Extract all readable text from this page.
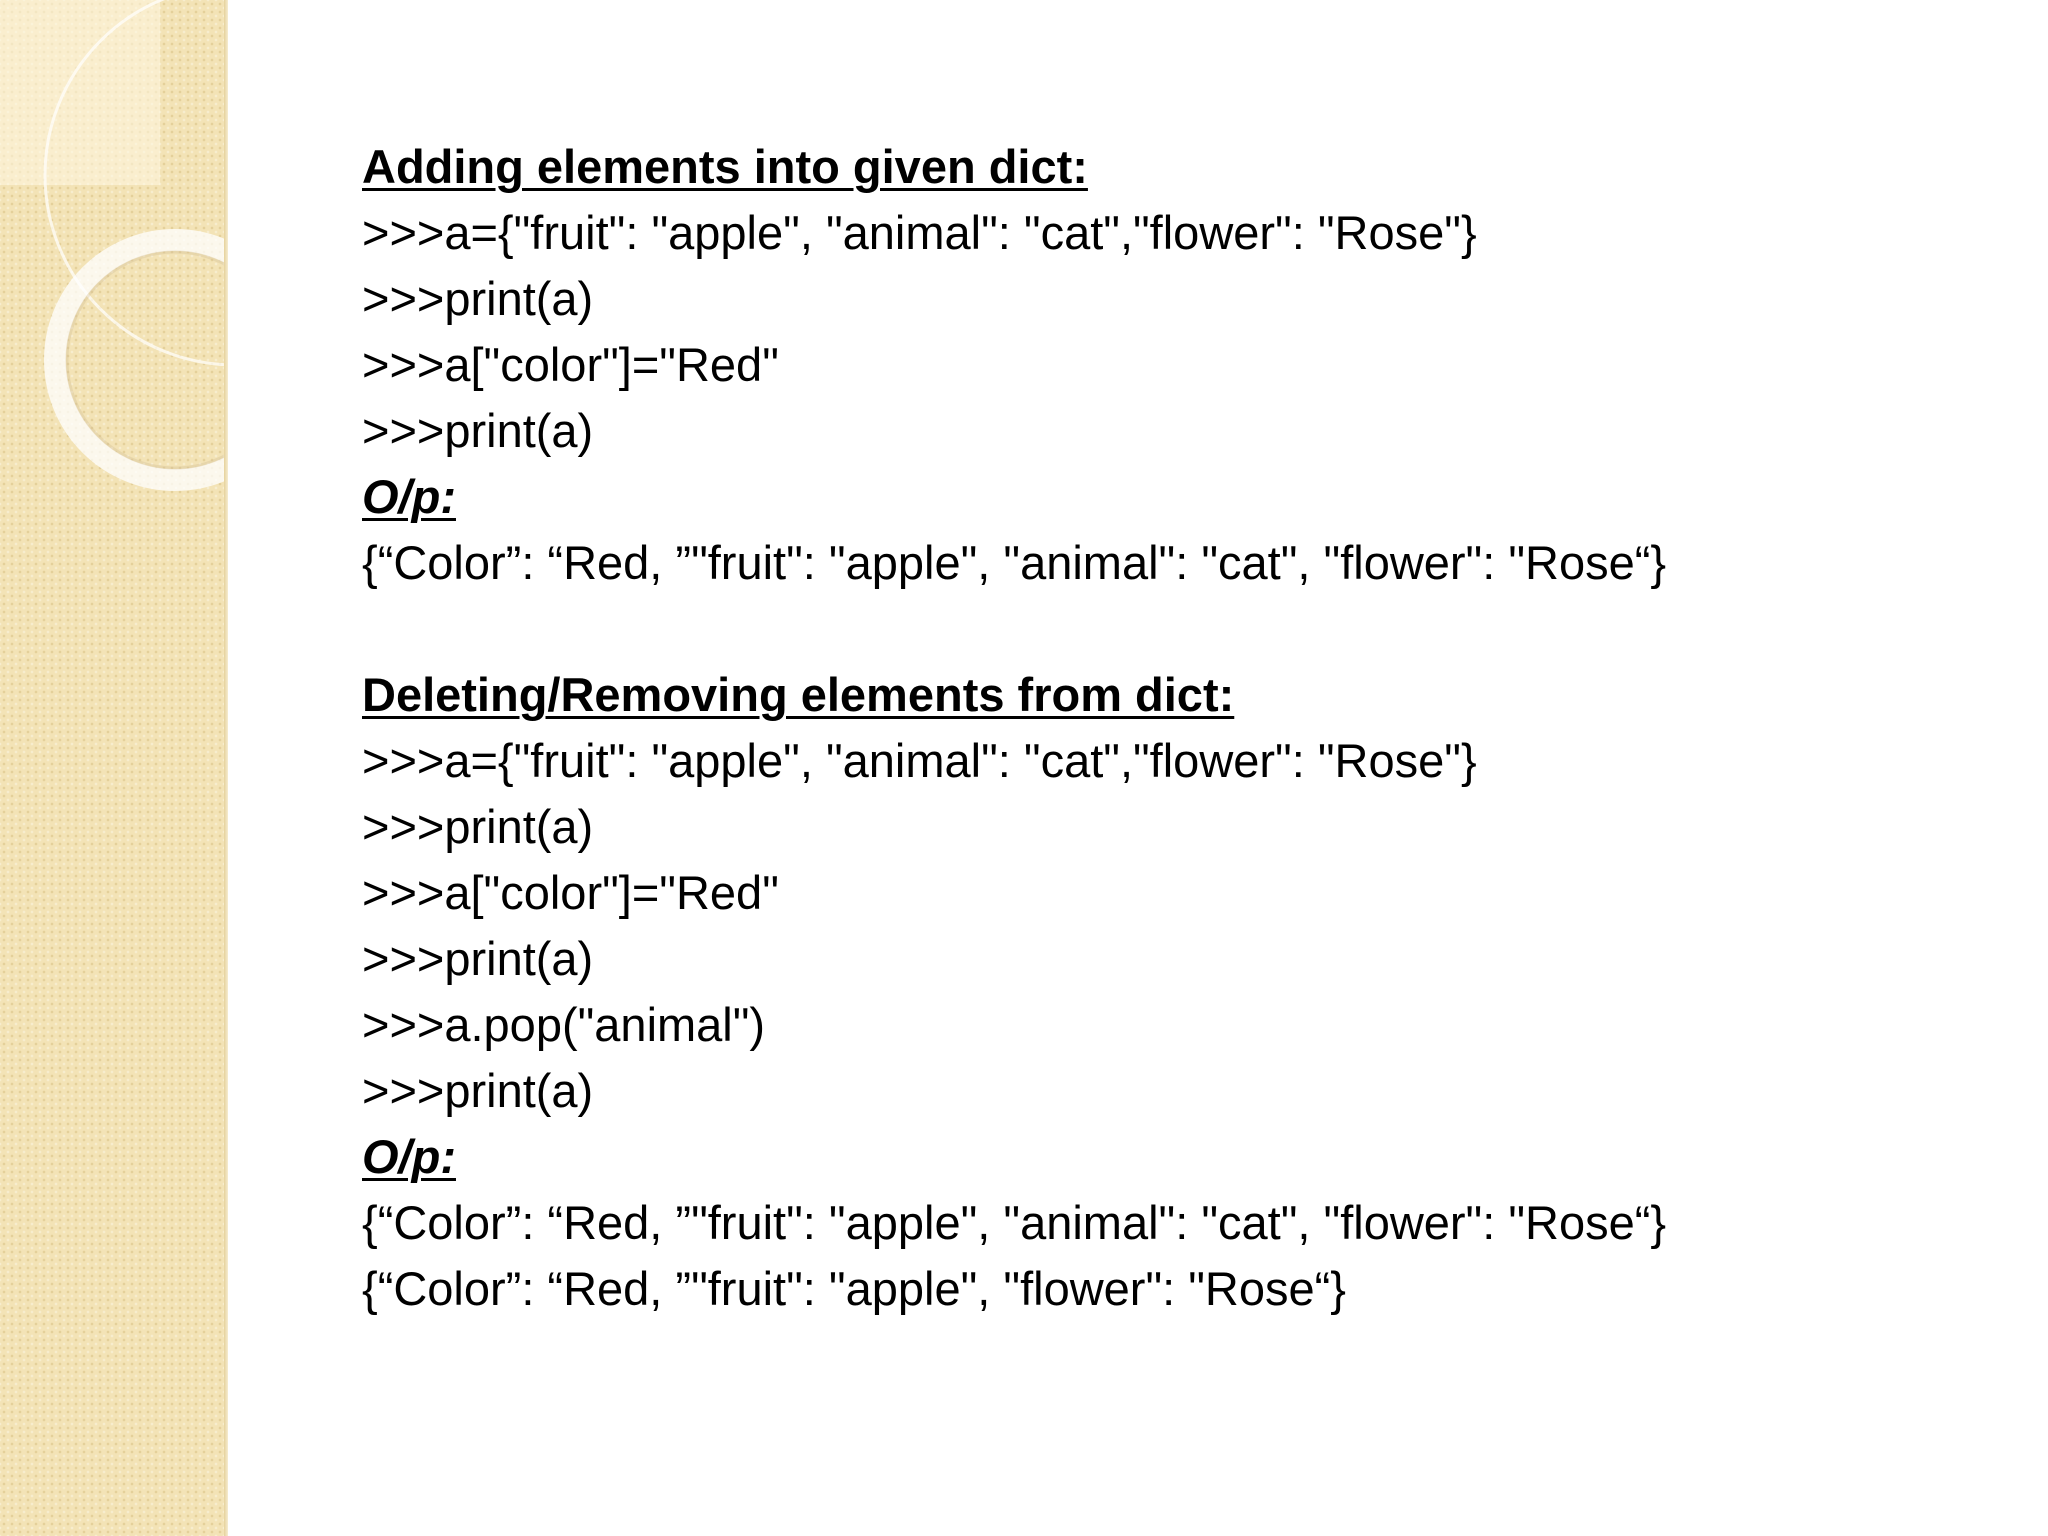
Adding elements into given dict:
>>>a={"fruit": "apple", "animal": "cat","flower": "Rose"}
>>>print(a)
>>>a["color"]="Red"
>>>print(a)
O/p:
{“Color”: “Red, ”"fruit": "apple", "animal": "cat", "flower": "Rose“}
Deleting/Removing elements from dict:
>>>a={"fruit": "apple", "animal": "cat","flower": "Rose"}
>>>print(a)
>>>a["color"]="Red"
>>>print(a)
>>>a.pop("animal")
>>>print(a)
O/p:
{“Color”: “Red, ”"fruit": "apple", "animal": "cat", "flower": "Rose“}
{“Color”: “Red, ”"fruit": "apple", "flower": "Rose“}
